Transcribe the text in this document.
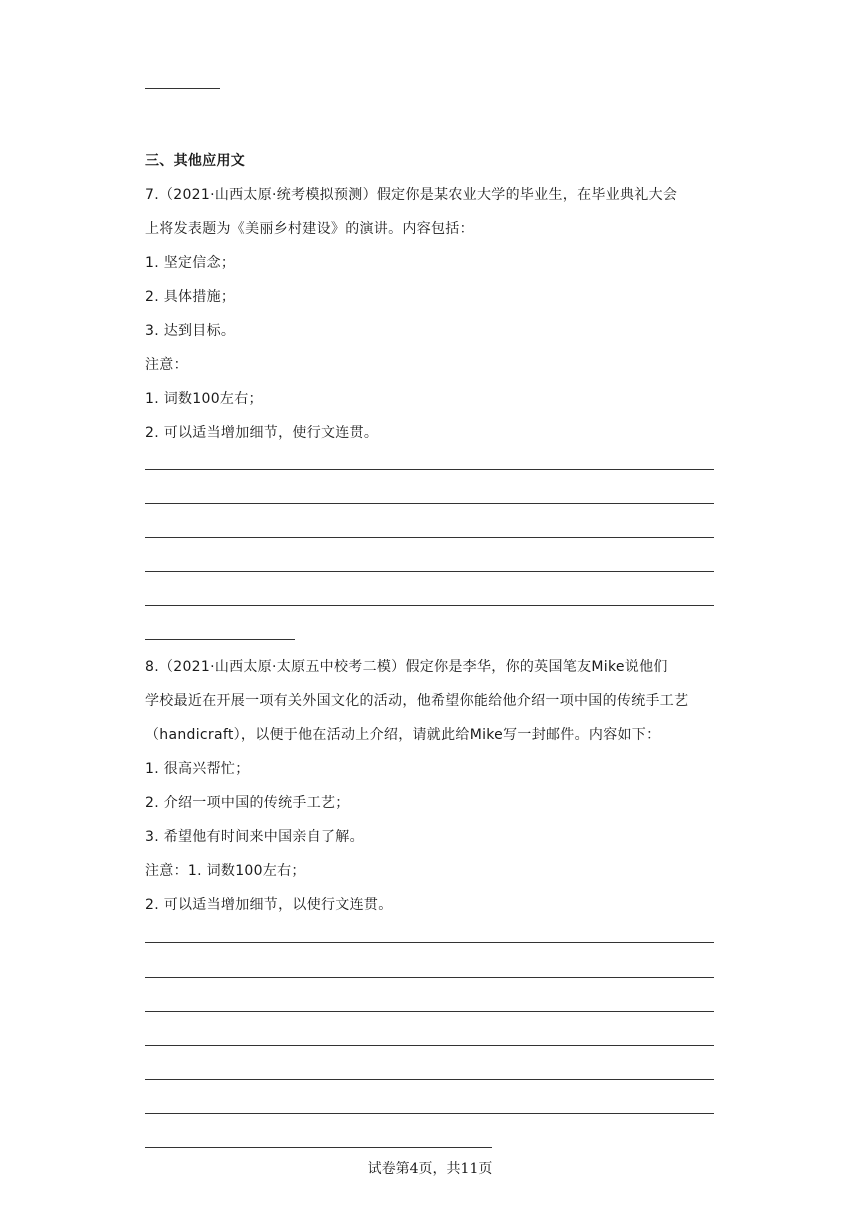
三、其他应用文
7.（2021·山西太原·统考模拟预测）假定你是某农业大学的毕业生，在毕业典礼大会
上将发表题为《美丽乡村建设》的演讲。内容包括：
1. 坚定信念；
2. 具体措施；
3. 达到目标。
注意：
1. 词数100左右；
2. 可以适当增加细节，使行文连贯。
8.（2021·山西太原·太原五中校考二模）假定你是李华，你的英国笔友Mike说他们
学校最近在开展一项有关外国文化的活动，他希望你能给他介绍一项中国的传统手工艺
（handicraft），以便于他在活动上介绍，请就此给Mike写一封邮件。内容如下：
1. 很高兴帮忙；
2. 介绍一项中国的传统手工艺；
3. 希望他有时间来中国亲自了解。
注意：1. 词数100左右；
2. 可以适当增加细节，以使行文连贯。
试卷第4页，共11页
